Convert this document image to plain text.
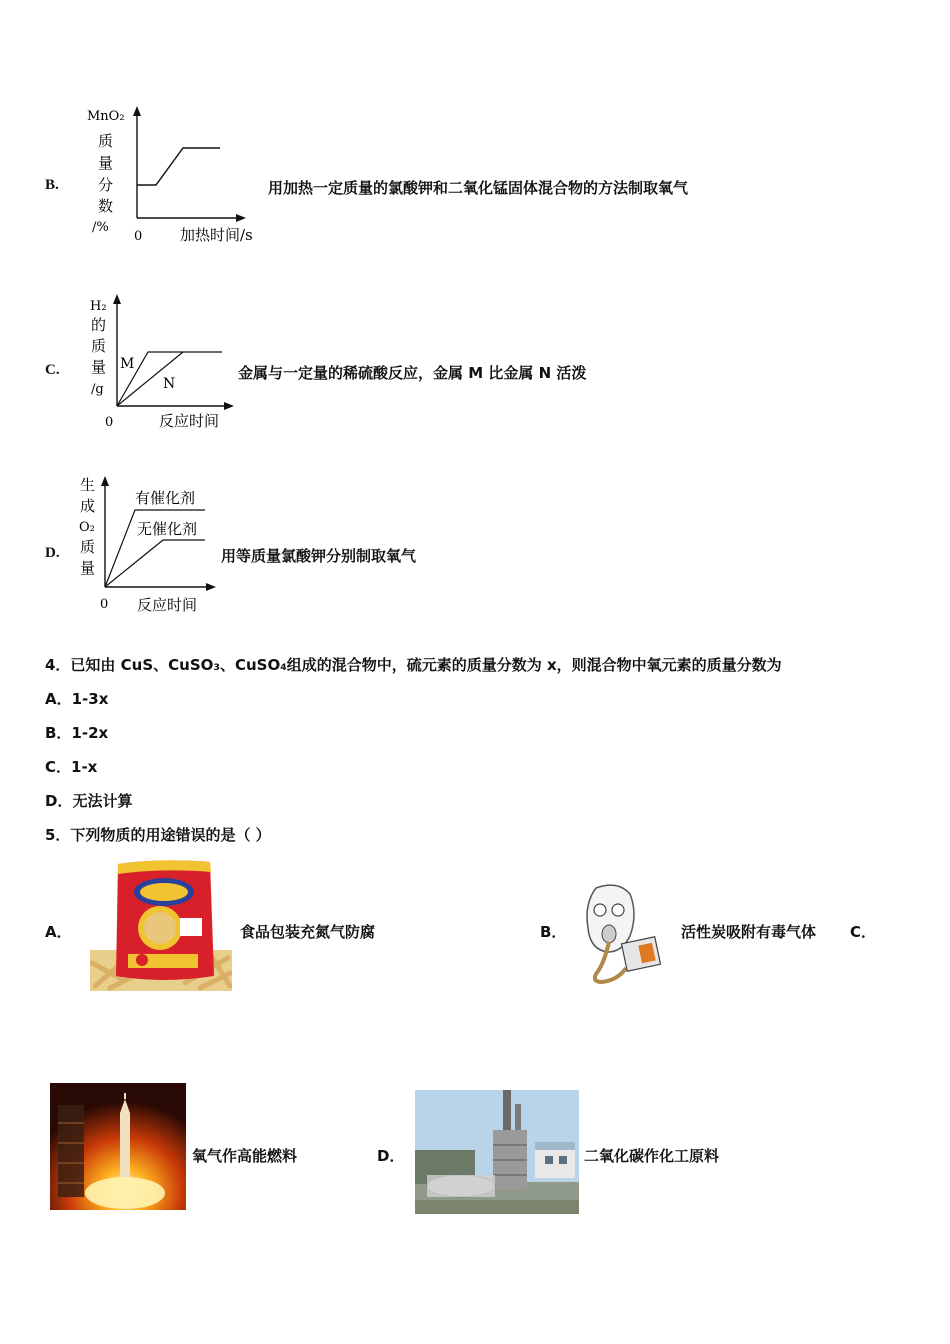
B.
MnO₂
质
量
分
数
/%
0	加热时间/s
用加热一定质量的氯酸钾和二氧化锰固体混合物的方法制取氧气
C.
H₂
的
质
量
/g
M
N
0	反应时间
金属与一定量的稀硫酸反应，金属 M 比金属 N 活泼
D.
生
成
O₂
质
量
有催化剂
无催化剂
0 反应时间
用等质量氯酸钾分别制取氧气
4．已知由 CuS、CuSO₃、CuSO₄组成的混合物中，硫元素的质量分数为 x，则混合物中氧元素的质量分数为
A．1-3x
B．1-2x
C．1-x
D．无法计算
5．下列物质的用途错误的是（ ）
A．	食品包装充氮气防腐	B．	活性炭吸附有毒气体 C．
氧气作高能燃料	D．	二氧化碳作化工原料
